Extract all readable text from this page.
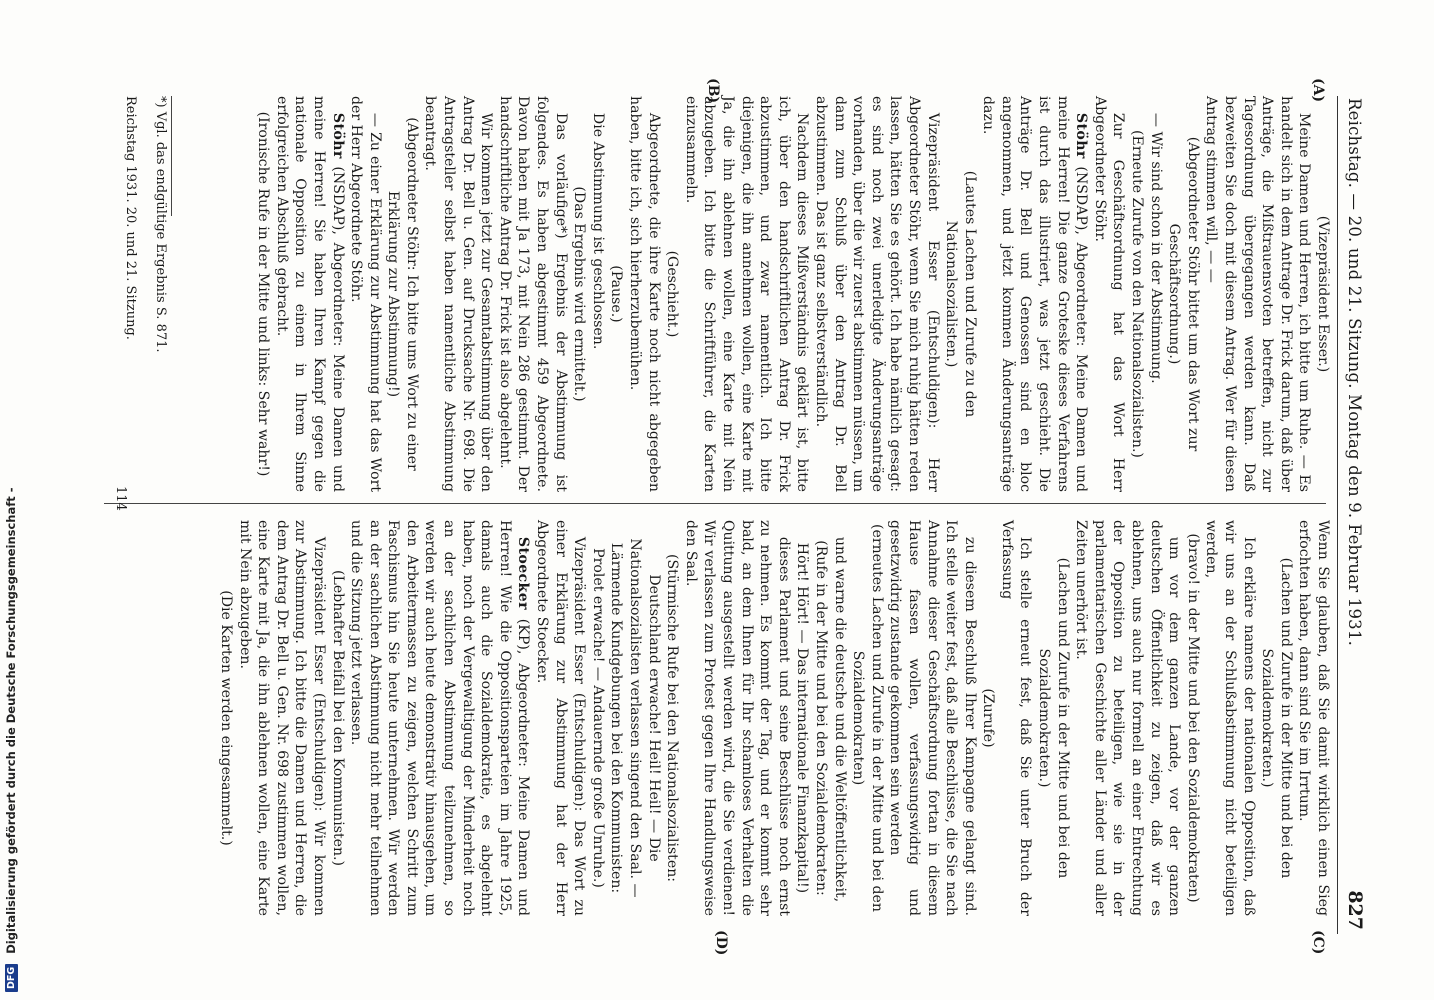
Reichstag. — 20. und 21. Sitzung. Montag den 9. Februar 1931.
827
(A)
(B)
(C)
(D)

(Vizepräsident Esser.)

Meine Damen und Herren, ich bitte um Ruhe. — Es handelt sich in dem Antrage Dr. Frick darum, daß über Anträge, die Mißtrauensvoten betreffen, nicht zur Tagesordnung übergegangen werden kann. Daß bezweiten Sie doch mit diesem Antrag. Wer für diesen Antrag stimmen will, — —

(Abgeordneter Stöhr bittet um das Wort zur Geschäftsordnung.)

— Wir sind schon in der Abstimmung.

(Erneute Zurufe von den Nationalsozialisten.)

Zur Geschäftsordnung hat das Wort Herr Abgeordneter Stöhr.

Stöhr (NSDAP), Abgeordneter: Meine Damen und meine Herren! Die ganze Groteske dieses Verfahrens ist durch das illustriert, was jetzt geschieht. Die Anträge Dr. Bell und Genossen sind en bloc angenommen, und jetzt kommen Änderungsanträge dazu.

(Lautes Lachen und Zurufe zu den Nationalsozialisten.)

Vizepräsident Esser (Entschuldigen): Herr Abgeordneter Stöhr, wenn Sie mich ruhig hätten reden lassen, hätten Sie es gehört. Ich habe nämlich gesagt: es sind noch zwei unerledigte Änderungsanträge vorhanden, über die wir zuerst abstimmen müssen, um dann zum Schluß über den Antrag Dr. Bell abzustimmen. Das ist ganz selbstverständlich.

Nachdem dieses Mißverständnis geklärt ist, bitte ich, über den handschriftlichen Antrag Dr. Frick abzustimmen, und zwar namentlich. Ich bitte diejenigen, die ihn annehmen wollen, eine Karte mit Ja, die ihn ablehnen wollen, eine Karte mit Nein abzugeben. Ich bitte die Schriftführer, die Karten einzusammeln.

(Geschieht.)

Abgeordnete, die ihre Karte noch nicht abgegeben haben, bitte ich, sich hierherzubemühen.

(Pause.)

Die Abstimmung ist geschlossen.

(Das Ergebnis wird ermittelt.)

Das vorläufige*) Ergebnis der Abstimmung ist folgendes. Es haben abgestimmt 459 Abgeordnete. Davon haben mit Ja 173, mit Nein 286 gestimmt. Der handschriftliche Antrag Dr. Frick ist also abgelehnt.

Wir kommen jetzt zur Gesamtabstimmung über den Antrag Dr. Bell u. Gen. auf Drucksache Nr. 698. Die Antragsteller selbst haben namentliche Abstimmung beantragt.

(Abgeordneter Stöhr: Ich bitte ums Wort zu einer Erklärung zur Abstimmung!)

— Zu einer Erklärung zur Abstimmung hat das Wort der Herr Abgeordnete Stöhr.

Stöhr (NSDAP), Abgeordneter: Meine Damen und meine Herren! Sie haben Ihren Kampf gegen die nationale Opposition zu einem in Ihrem Sinne erfolgreichen Abschluß gebracht.

(Ironische Rufe in der Mitte und links: Sehr wahr!)

Wenn Sie glauben, daß Sie damit wirklich einen Sieg erfochten haben, dann sind Sie im Irrtum.

(Lachen und Zurufe in der Mitte und bei den Sozialdemokraten.)

Ich erkläre namens der nationalen Opposition, daß wir uns an der Schlußabstimmung nicht beteiligen werden,

(bravo! in der Mitte und bei den Sozialdemokraten)

um vor dem ganzen Lande, vor der ganzen deutschen Öffentlichkeit zu zeigen, daß wir es ablehnen, uns auch nur formell an einer Entrechtung der Opposition zu beteiligen, wie sie in der parlamentarischen Geschichte aller Länder und aller Zeiten unerhört ist.

(Lachen und Zurufe in der Mitte und bei den Sozialdemokraten.)

Ich stelle erneut fest, daß Sie unter Bruch der Verfassung

(Zurufe)

zu diesem Beschluß Ihrer Kampagne gelangt sind. Ich stelle weiter fest, daß alle Beschlüsse, die Sie nach Annahme dieser Geschäftsordnung fortan in diesem Hause fassen wollen, verfassungswidrig und gesetzwidrig zustande gekommen sein werden

(erneutes Lachen und Zurufe in der Mitte und bei den Sozialdemokraten)

und warne die deutsche und die Weltöffentlichkeit,

(Rufe in der Mitte und bei den Sozialdemokraten: Hört! Hört! — Das internationale Finanzkapital!)

dieses Parlament und seine Beschlüsse noch ernst zu nehmen. Es kommt der Tag, und er kommt sehr bald, an dem Ihnen für Ihr schamloses Verhalten die Quittung ausgestellt werden wird, die Sie verdienen! Wir verlassen zum Protest gegen Ihre Handlungsweise den Saal.

(Stürmische Rufe bei den Nationalsozialisten: Deutschland erwache! Heil! Heil! — Die Nationalsozialisten verlassen singend den Saal. — Lärmende Kundgebungen bei den Kommunisten: Prolet erwache! — Andauernde große Unruhe.)

Vizepräsident Esser (Entschuldigen): Das Wort zu einer Erklärung zur Abstimmung hat der Herr Abgeordnete Stoecker.

Stoecker (KP), Abgeordneter: Meine Damen und Herren! Wie die Oppositionsparteien im Jahre 1925, damals auch die Sozialdemokratie, es abgelehnt haben, noch der Vergewaltigung der Minderheit noch an der sachlichen Abstimmung teilzunehmen, so werden wir auch heute demonstrativ hinausgehen, um den Arbeitermassen zu zeigen, welchen Schritt zum Faschismus hin Sie heute unternehmen. Wir werden an der sachlichen Abstimmung nicht mehr teilnehmen und die Sitzung jetzt verlassen.

(Lebhafter Beifall bei den Kommunisten.)

Vizepräsident Esser (Entschuldigen): Wir kommen zur Abstimmung. Ich bitte die Damen und Herren, die dem Antrag Dr. Bell u. Gen. Nr. 698 zustimmen wollen, eine Karte mit Ja, die ihn ablehnen wollen, eine Karte mit Nein abzugeben.

(Die Karten werden eingesammelt.)

*) Vgl. das endgültige Ergebnis S. 871.
Reichstag 1931. 20. und 21. Sitzung.
114
DFG Digitalisierung gefördert durch die Deutsche Forschungsgemeinschaft -
